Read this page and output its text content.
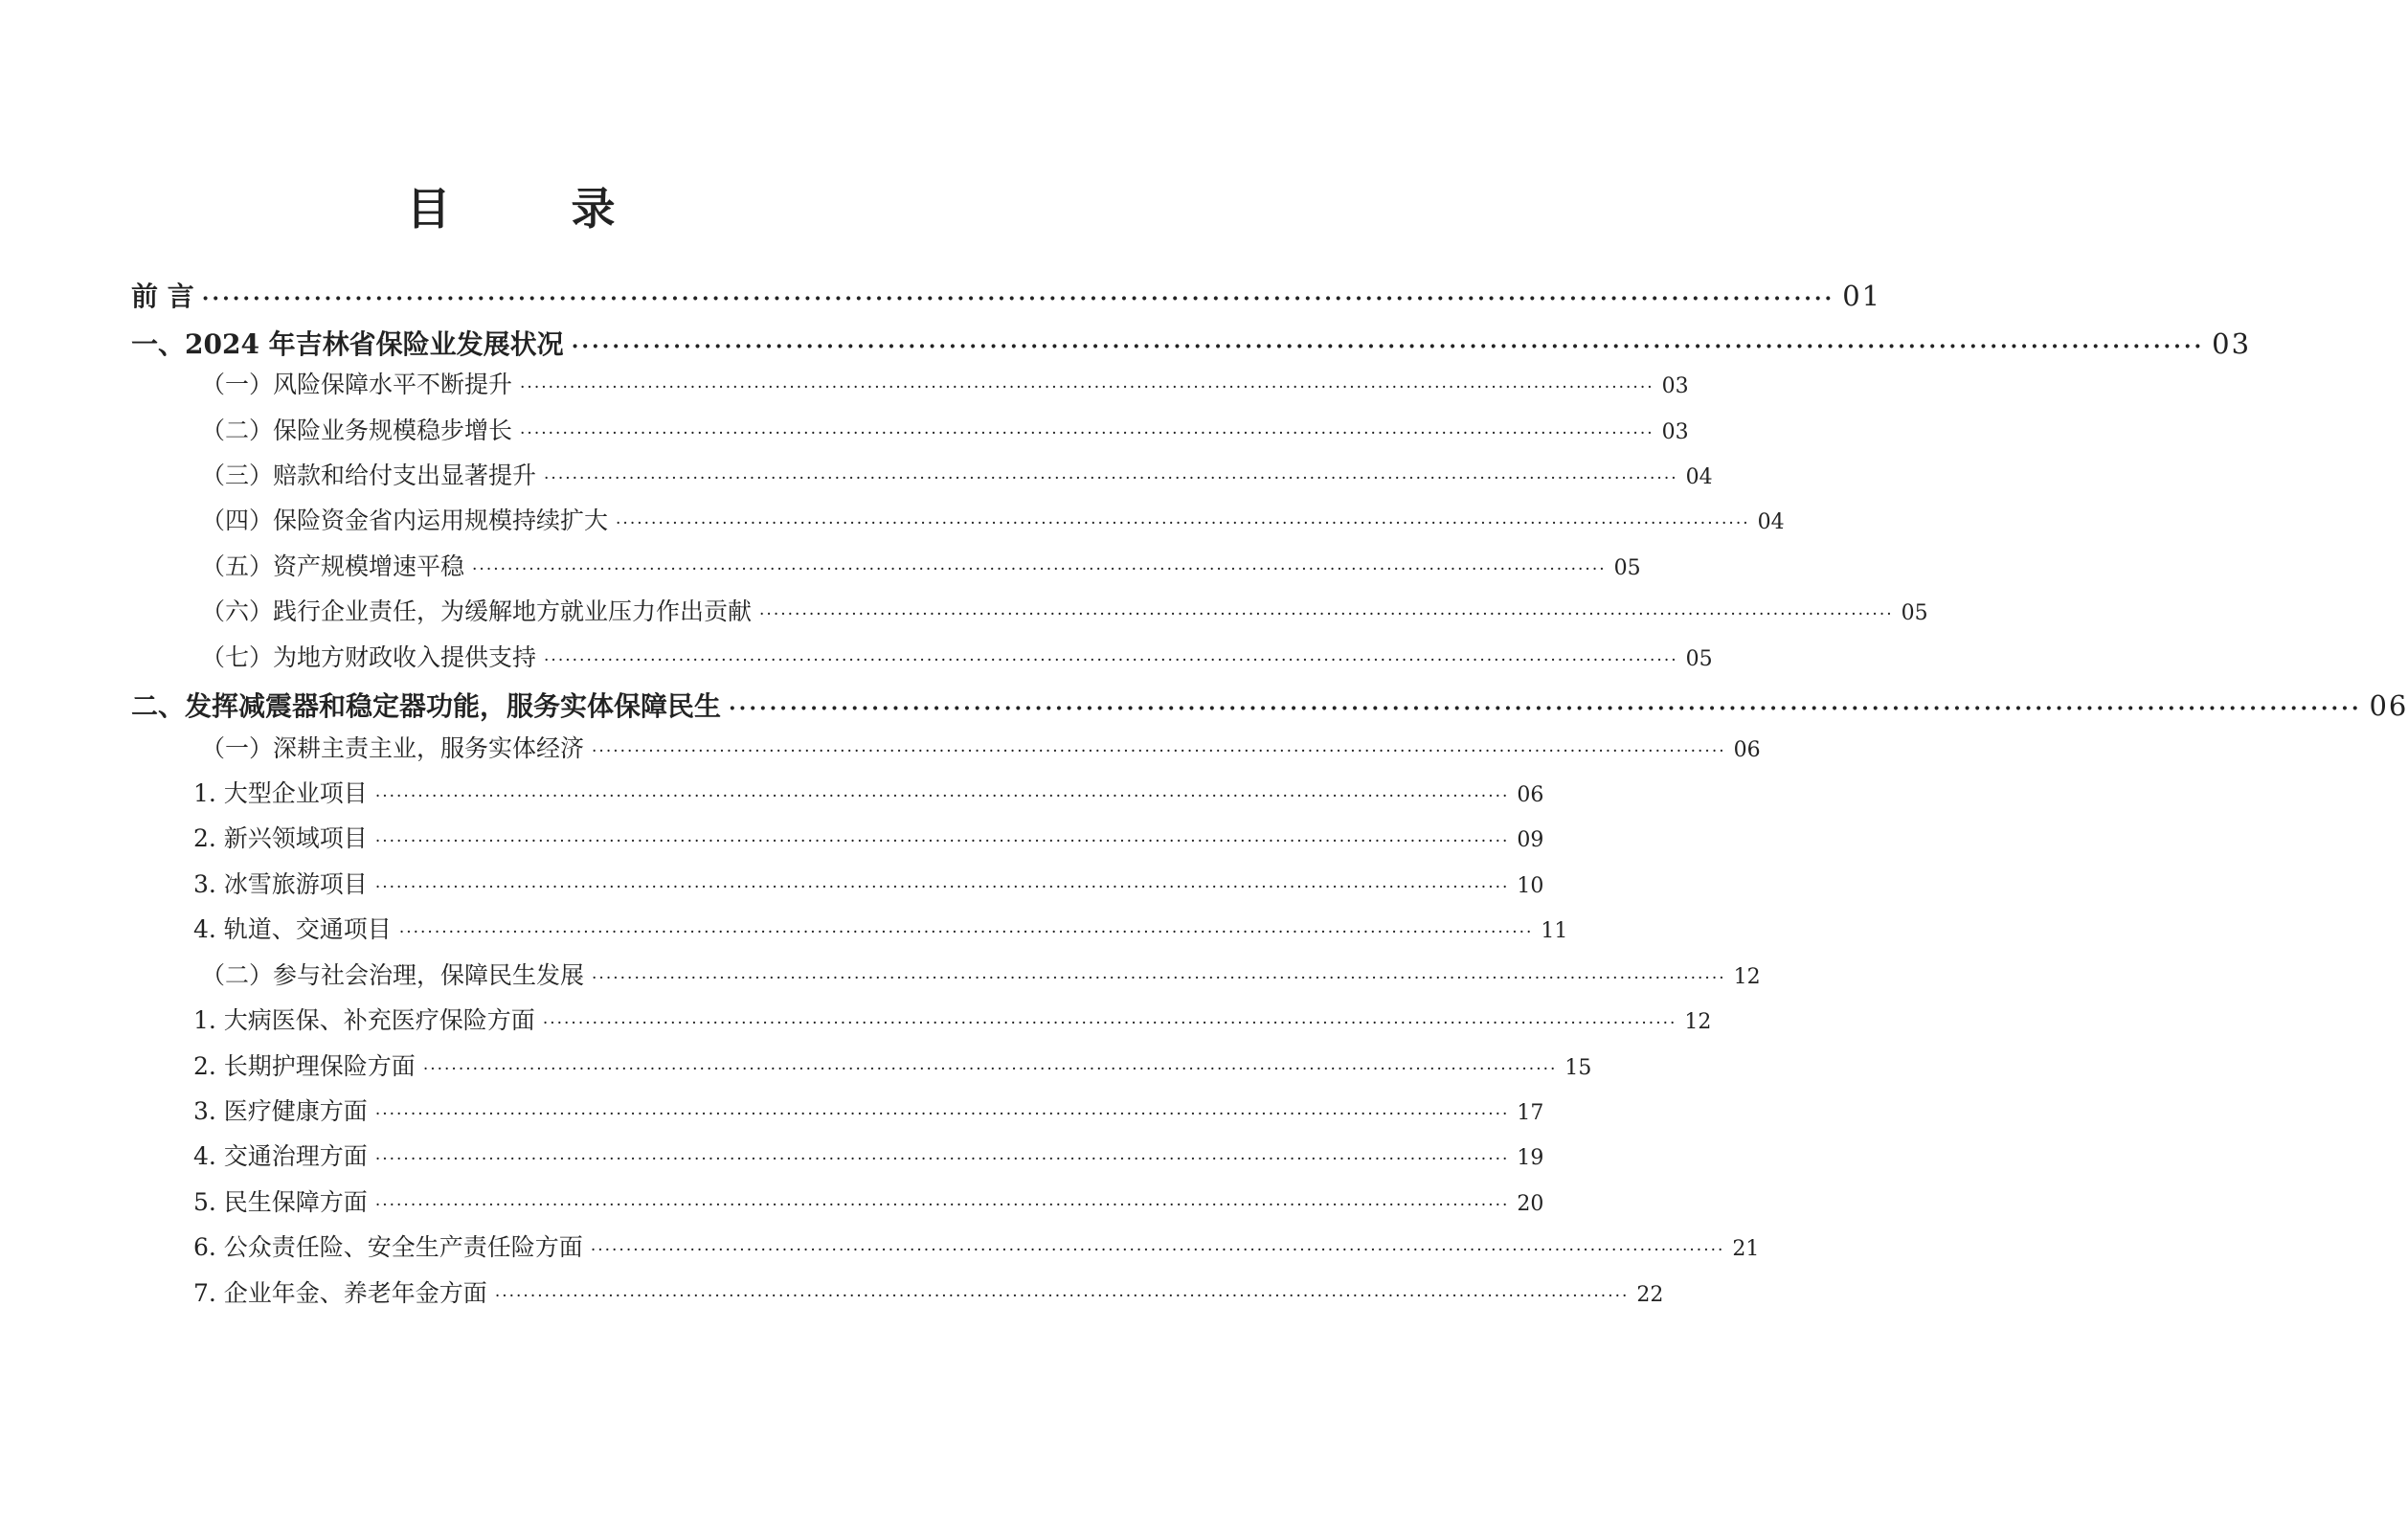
目　录
前 言 ································································································································································ 01
一、2024 年吉林省保险业发展状况 ································································································································································ 03
（一）风险保障水平不断提升 ································································································································································ 03
（二）保险业务规模稳步增长 ································································································································································ 03
（三）赔款和给付支出显著提升 ································································································································································ 04
（四）保险资金省内运用规模持续扩大 ································································································································································ 04
（五）资产规模增速平稳 ································································································································································ 05
（六）践行企业责任，为缓解地方就业压力作出贡献 ································································································································································ 05
（七）为地方财政收入提供支持 ································································································································································ 05
二、发挥减震器和稳定器功能，服务实体保障民生 ································································································································································ 06
（一）深耕主责主业，服务实体经济 ································································································································································ 06
1. 大型企业项目 ································································································································································ 06
2. 新兴领域项目 ································································································································································ 09
3. 冰雪旅游项目 ································································································································································ 10
4. 轨道、交通项目 ································································································································································ 11
（二）参与社会治理，保障民生发展 ································································································································································ 12
1. 大病医保、补充医疗保险方面 ································································································································································ 12
2. 长期护理保险方面 ································································································································································ 15
3. 医疗健康方面 ································································································································································ 17
4. 交通治理方面 ································································································································································ 19
5. 民生保障方面 ································································································································································ 20
6. 公众责任险、安全生产责任险方面 ································································································································································ 21
7. 企业年金、养老年金方面 ································································································································································ 22
